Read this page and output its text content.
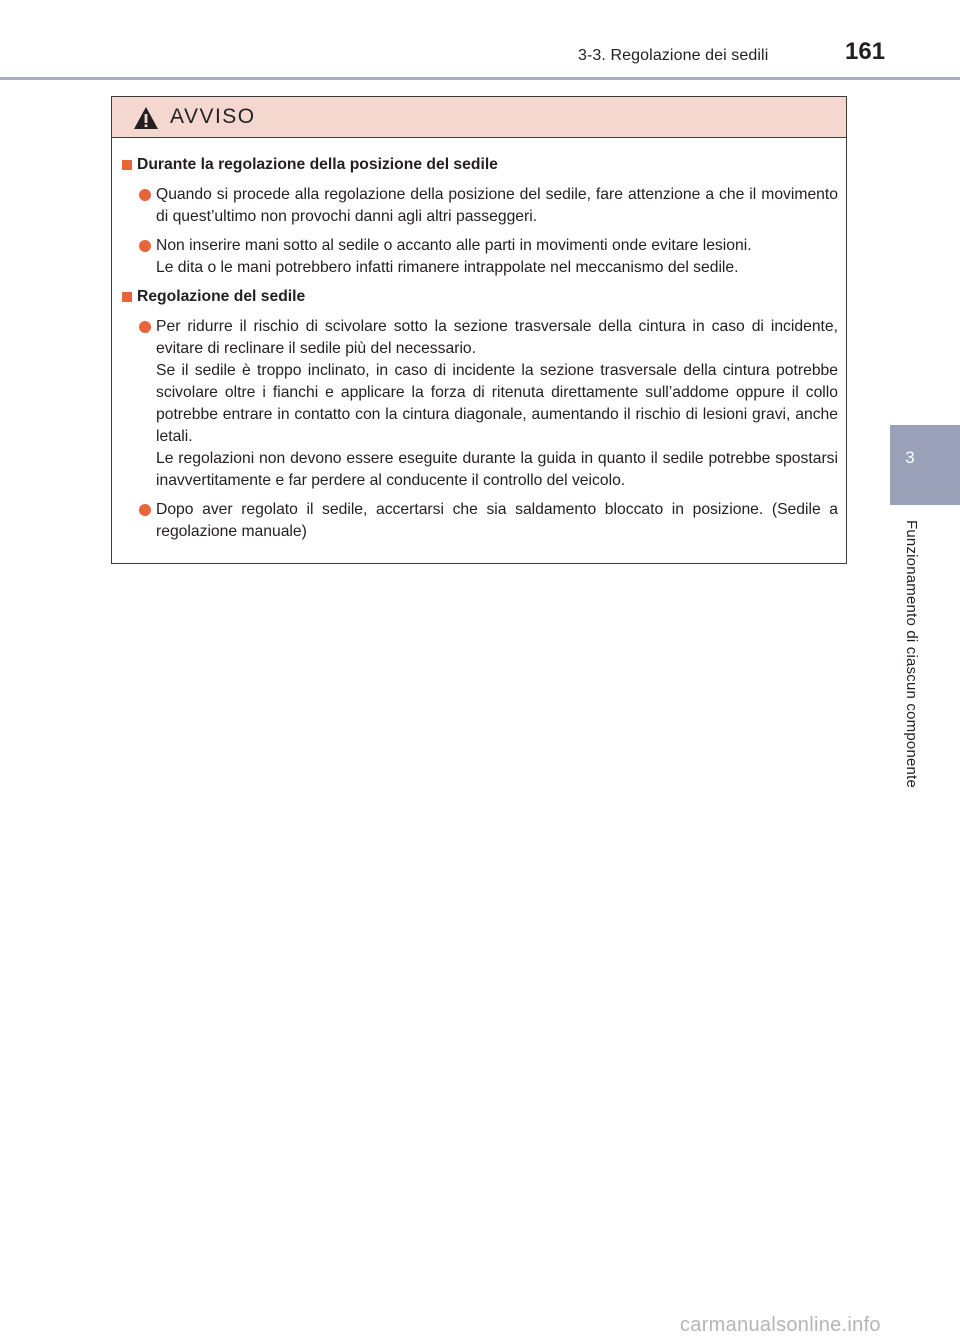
3-3. Regolazione dei sedili	161
3
Funzionamento di ciascun componente
AVVISO
Durante la regolazione della posizione del sedile

Quando si procede alla regolazione della posizione del sedile, fare attenzione a che il movimento di quest’ultimo non provochi danni agli altri passeggeri.

Non inserire mani sotto al sedile o accanto alle parti in movimenti onde evitare lesioni.

Le dita o le mani potrebbero infatti rimanere intrappolate nel meccanismo del sedile.

Regolazione del sedile

Per ridurre il rischio di scivolare sotto la sezione trasversale della cintura in caso di incidente, evitare di reclinare il sedile più del necessario.

Se il sedile è troppo inclinato, in caso di incidente la sezione trasversale della cintura potrebbe scivolare oltre i fianchi e applicare la forza di ritenuta direttamente sull’addome oppure il collo potrebbe entrare in contatto con la cintura diagonale, aumentando il rischio di lesioni gravi, anche letali.

Le regolazioni non devono essere eseguite durante la guida in quanto il sedile potrebbe spostarsi inavvertitamente e far perdere al conducente il controllo del veicolo.

Dopo aver regolato il sedile, accertarsi che sia saldamento bloccato in posizione. (Sedile a regolazione manuale)

carmanualsonline.info
